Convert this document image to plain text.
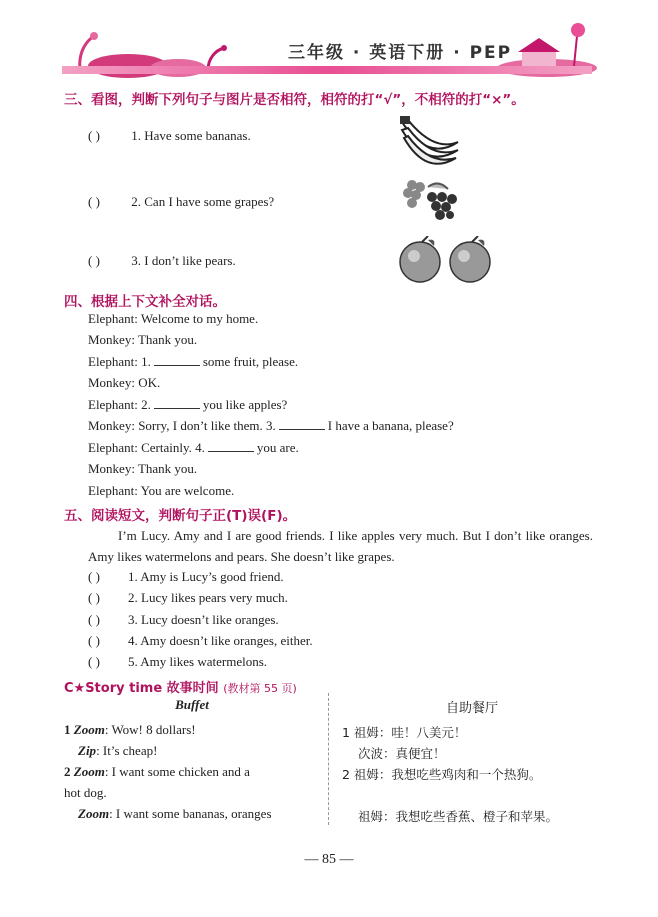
三年级 · 英语下册 · PEP
三、看图，判断下列句子与图片是否相符，相符的打“√”，不相符的打“×”。
( ) 1. Have some bananas.
( ) 2. Can I have some grapes?
( ) 3. I don’t like pears.
四、根据上下文补全对话。
Elephant: Welcome to my home.
Monkey: Thank you.
Elephant: 1.	some fruit, please.
Monkey: OK.
Elephant: 2.	you like apples?
Monkey: Sorry, I don’t like them. 3.	I have a banana, please?
Elephant: Certainly. 4.	you are.
Monkey: Thank you.
Elephant: You are welcome.
五、阅读短文，判断句子正(T)误(F)。
I’m Lucy. Amy and I are good friends. I like apples very much. But I don’t like oranges. Amy likes watermelons and pears. She doesn’t like grapes.
( ) 1. Amy is Lucy’s good friend.
( ) 2. Lucy likes pears very much.
( ) 3. Lucy doesn’t like oranges.
( ) 4. Amy doesn’t like oranges, either.
( ) 5. Amy likes watermelons.
C★Story time 故事时间 (教材第 55 页)
Buffet
1 Zoom: Wow! 8 dollars!
Zip: It’s cheap!
2 Zoom: I want some chicken and a
hot dog.
Zoom: I want some bananas, oranges
自助餐厅
1 祖姆：哇！八美元！
次波：真便宜！
2 祖姆：我想吃些鸡肉和一个热狗。
祖姆：我想吃些香蕉、橙子和苹果。
— 85 —
